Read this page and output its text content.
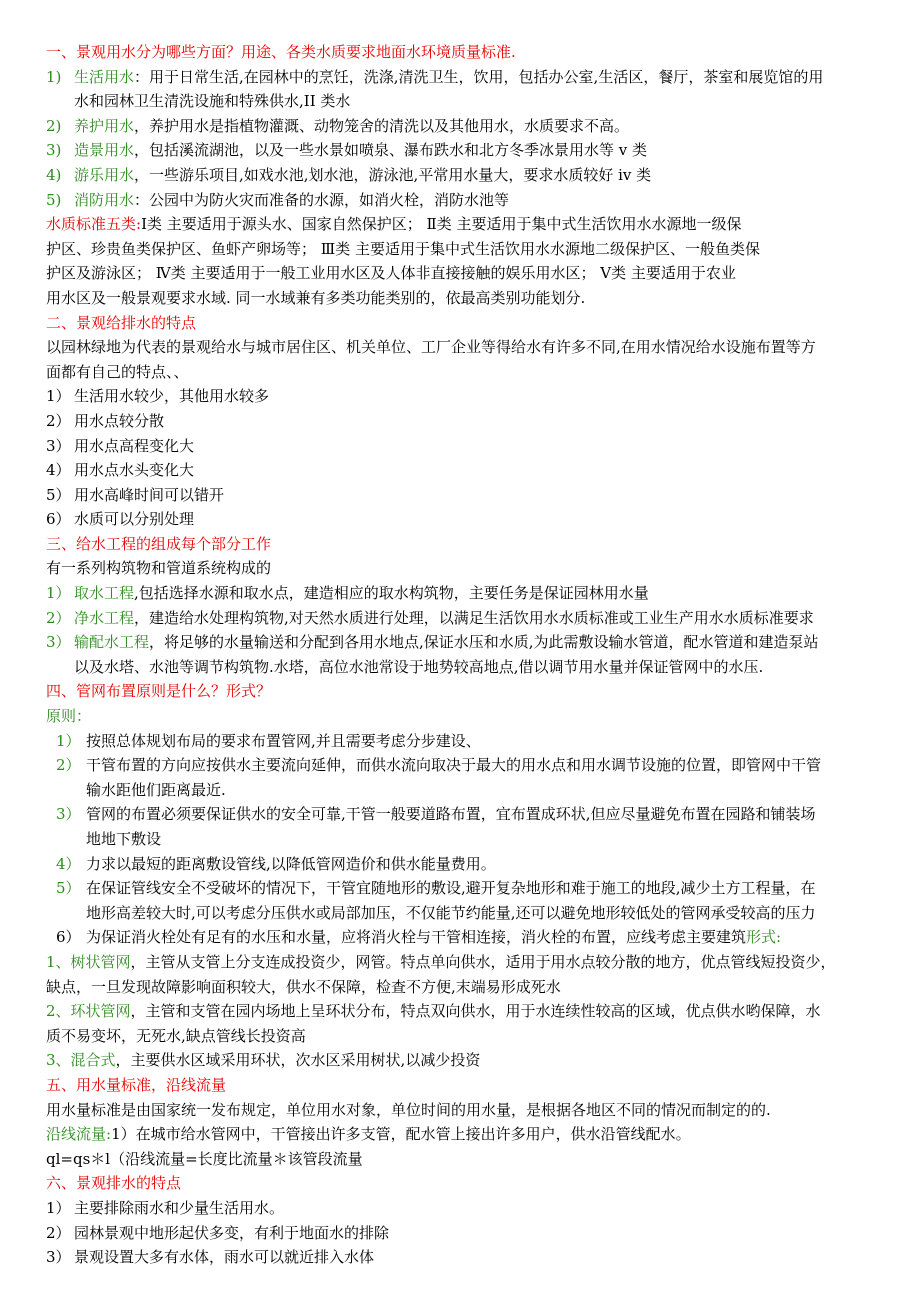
一、景观用水分为哪些方面？用途、各类水质要求地面水环境质量标准.
1) 生活用水：用于日常生活,在园林中的烹饪，洗涤,清洗卫生，饮用，包括办公室,生活区，餐厅，茶室和展览馆的用
水和园林卫生清洗设施和特殊供水,II 类水
2) 养护用水，养护用水是指植物灌溉、动物笼舍的清洗以及其他用水，水质要求不高。
3) 造景用水，包括溪流湖池，以及一些水景如喷泉、瀑布跌水和北方冬季冰景用水等 v 类
4) 游乐用水，一些游乐项目,如戏水池,划水池，游泳池,平常用水量大，要求水质较好 iv 类
5) 消防用水：公园中为防火灾而准备的水源，如消火栓，消防水池等
水质标准五类:Ⅰ类 主要适用于源头水、国家自然保护区； Ⅱ类 主要适用于集中式生活饮用水水源地一级保
护区、珍贵鱼类保护区、鱼虾产卵场等； Ⅲ类 主要适用于集中式生活饮用水水源地二级保护区、一般鱼类保
护区及游泳区； Ⅳ类 主要适用于一般工业用水区及人体非直接接触的娱乐用水区； Ⅴ类 主要适用于农业
用水区及一般景观要求水域. 同一水域兼有多类功能类别的，依最高类别功能划分.
二、景观给排水的特点
以园林绿地为代表的景观给水与城市居住区、机关单位、工厂企业等得给水有许多不同,在用水情况给水设施布置等方
面都有自己的特点、、
1） 生活用水较少，其他用水较多
2） 用水点较分散
3） 用水点高程变化大
4） 用水点水头变化大
5） 用水高峰时间可以错开
6） 水质可以分别处理
三、给水工程的组成每个部分工作
有一系列构筑物和管道系统构成的
1） 取水工程,包括选择水源和取水点，建造相应的取水构筑物，主要任务是保证园林用水量
2） 净水工程，建造给水处理构筑物,对天然水质进行处理，以满足生活饮用水水质标准或工业生产用水水质标准要求
3） 输配水工程，将足够的水量输送和分配到各用水地点,保证水压和水质,为此需敷设输水管道，配水管道和建造泵站
以及水塔、水池等调节构筑物.水塔，高位水池常设于地势较高地点,借以调节用水量并保证管网中的水压.
四、管网布置原则是什么？形式？
原则：
1） 按照总体规划布局的要求布置管网,并且需要考虑分步建设、
2） 干管布置的方向应按供水主要流向延伸，而供水流向取决于最大的用水点和用水调节设施的位置，即管网中干管
输水距他们距离最近.
3） 管网的布置必须要保证供水的安全可靠,干管一般要道路布置，宜布置成环状,但应尽量避免布置在园路和铺装场
地地下敷设
4） 力求以最短的距离敷设管线,以降低管网造价和供水能量费用。
5） 在保证管线安全不受破坏的情况下，干管宜随地形的敷设,避开复杂地形和难于施工的地段,减少土方工程量，在
地形高差较大时,可以考虑分压供水或局部加压，不仅能节约能量,还可以避免地形较低处的管网承受较高的压力
6） 为保证消火栓处有足有的水压和水量，应将消火栓与干管相连接，消火栓的布置，应线考虑主要建筑形式:
1、树状管网，主管从支管上分支连成投资少，网管。特点单向供水，适用于用水点较分散的地方，优点管线短投资少，
缺点，一旦发现故障影响面积较大，供水不保障，检查不方便,末端易形成死水
2、环状管网，主管和支管在园内场地上呈环状分布，特点双向供水，用于水连续性较高的区域，优点供水哟保障，水
质不易变坏，无死水,缺点管线长投资高
3、混合式，主要供水区域采用环状，次水区采用树状,以减少投资
五、用水量标准，沿线流量
用水量标准是由国家统一发布规定，单位用水对象，单位时间的用水量，是根据各地区不同的情况而制定的的.
沿线流量:1）在城市给水管网中，干管接出许多支管，配水管上接出许多用户，供水沿管线配水。
ql=qs＊l（沿线流量=长度比流量＊该管段流量
六、景观排水的特点
1） 主要排除雨水和少量生活用水。
2） 园林景观中地形起伏多变，有利于地面水的排除
3） 景观设置大多有水体，雨水可以就近排入水体
